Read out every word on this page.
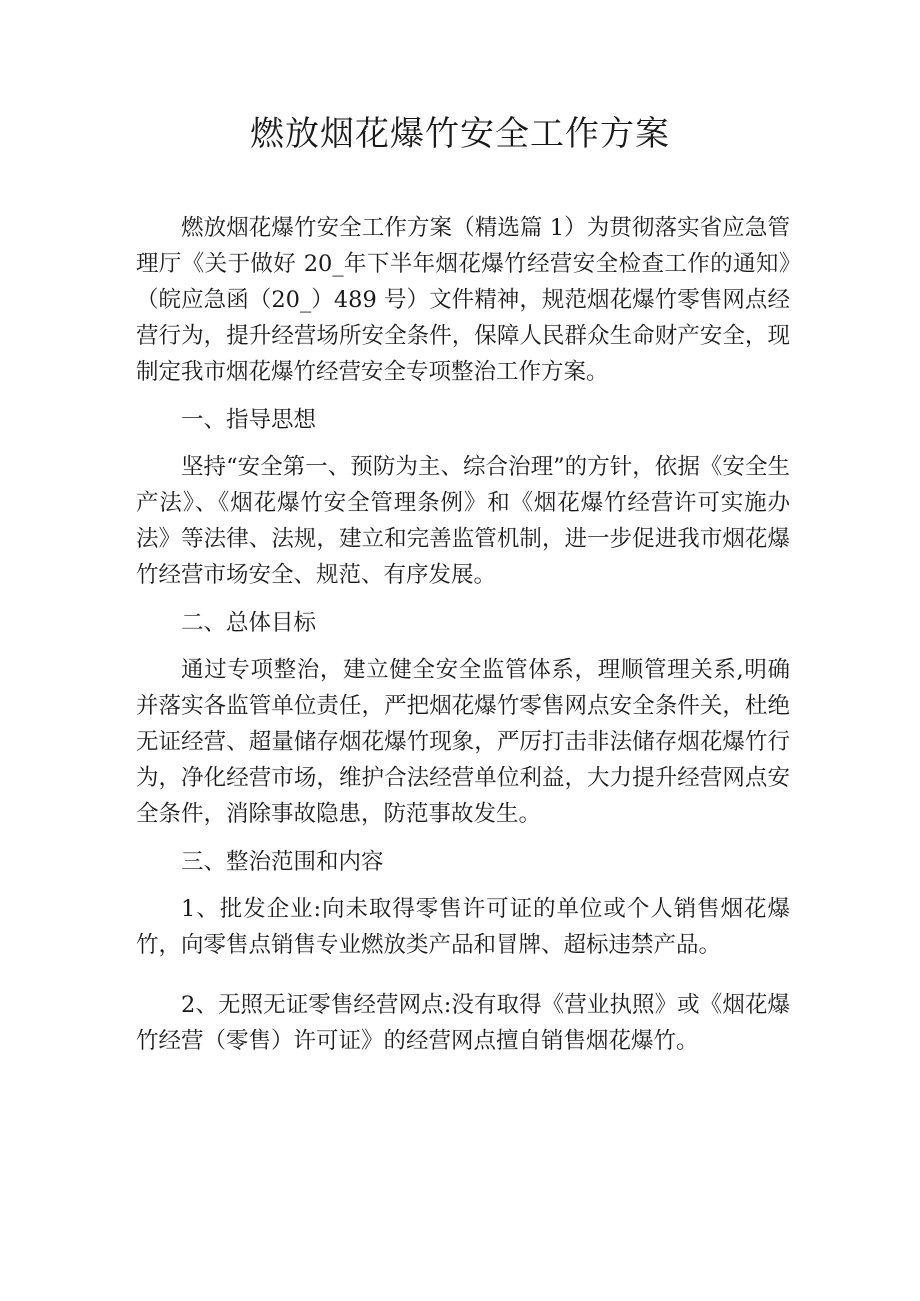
燃放烟花爆竹安全工作方案

燃放烟花爆竹安全工作方案（精选篇 1）为贯彻落实省应急管理厅《关于做好 20_年下半年烟花爆竹经营安全检查工作的通知》（皖应急函（20_）489 号）文件精神，规范烟花爆竹零售网点经营行为，提升经营场所安全条件，保障人民群众生命财产安全，现制定我市烟花爆竹经营安全专项整治工作方案。

一、指导思想

坚持“安全第一、预防为主、综合治理”的方针，依据《安全生产法》、《烟花爆竹安全管理条例》和《烟花爆竹经营许可实施办法》等法律、法规，建立和完善监管机制，进一步促进我市烟花爆竹经营市场安全、规范、有序发展。

二、总体目标

通过专项整治，建立健全安全监管体系，理顺管理关系,明确并落实各监管单位责任，严把烟花爆竹零售网点安全条件关，杜绝无证经营、超量储存烟花爆竹现象，严厉打击非法储存烟花爆竹行为，净化经营市场，维护合法经营单位利益，大力提升经营网点安全条件，消除事故隐患，防范事故发生。

三、整治范围和内容

1、批发企业:向未取得零售许可证的单位或个人销售烟花爆竹，向零售点销售专业燃放类产品和冒牌、超标违禁产品。

2、无照无证零售经营网点:没有取得《营业执照》或《烟花爆竹经营（零售）许可证》的经营网点擅自销售烟花爆竹。
